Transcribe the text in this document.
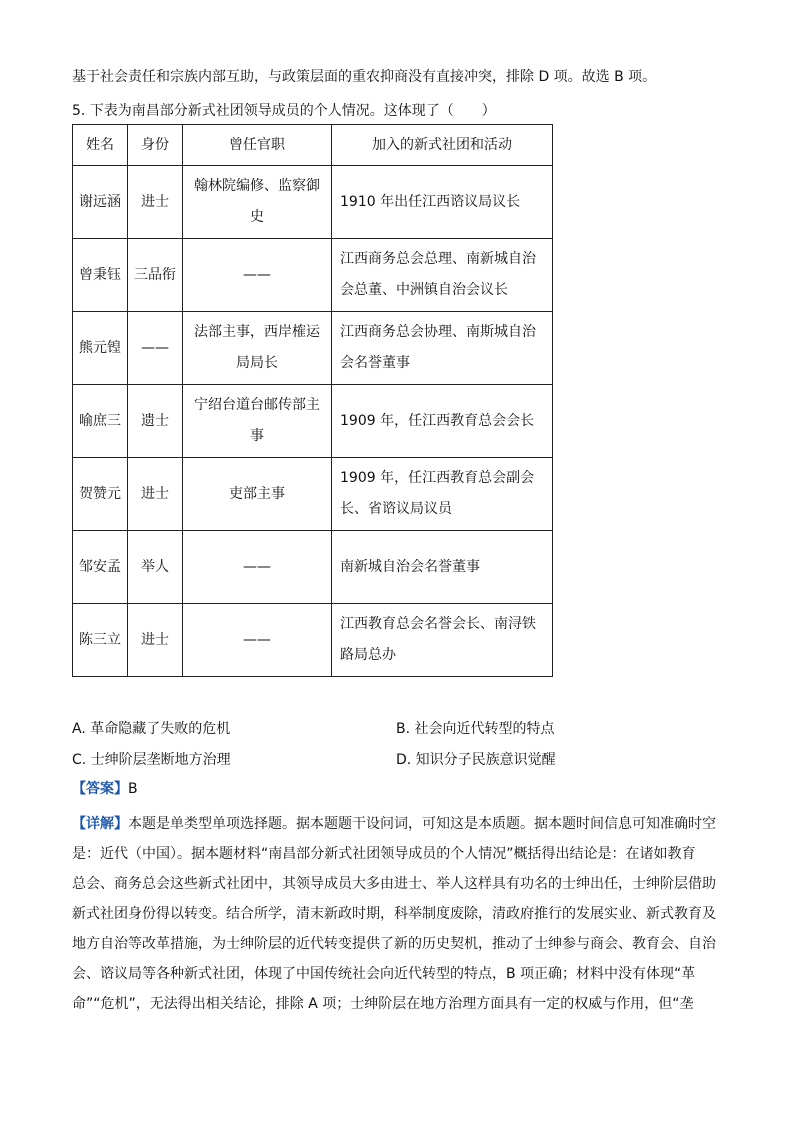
基于社会责任和宗族内部互助，与政策层面的重农抑商没有直接冲突，排除 D 项。故选 B 项。
5. 下表为南昌部分新式社团领导成员的个人情况。这体现了（　　）
姓名	身份	曾任官职	加入的新式社团和活动
谢远涵	进士	翰林院编修、监察御史	1910 年出任江西谘议局议长
曾秉钰	三品衔	——	江西商务总会总理、南新城自治会总董、中洲镇自治会议长
熊元锽	——	法部主事，西岸榷运局局长	江西商务总会协理、南斯城自治会名誉董事
喻庶三	遗士	宁绍台道台邮传部主事	1909 年，任江西教育总会会长
贺赞元	进士	吏部主事	1909 年，任江西教育总会副会长、省谘议局议员
邹安孟	举人	——	南新城自治会名誉董事
陈三立	进士	——	江西教育总会名誉会长、南浔铁路局总办
A. 革命隐藏了失败的危机	B. 社会向近代转型的特点
C. 士绅阶层垄断地方治理	D. 知识分子民族意识觉醒
【答案】B
【详解】本题是单类型单项选择题。据本题题干设问词，可知这是本质题。据本题时间信息可知准确时空
是：近代（中国）。据本题材料“南昌部分新式社团领导成员的个人情况”概括得出结论是：在诸如教育
总会、商务总会这些新式社团中，其领导成员大多由进士、举人这样具有功名的士绅出任，士绅阶层借助
新式社团身份得以转变。结合所学，清末新政时期，科举制度废除，清政府推行的发展实业、新式教育及
地方自治等改革措施，为士绅阶层的近代转变提供了新的历史契机，推动了士绅参与商会、教育会、自治
会、谘议局等各种新式社团，体现了中国传统社会向近代转型的特点，B 项正确；材料中没有体现“革
命”“危机”，无法得出相关结论，排除 A 项；士绅阶层在地方治理方面具有一定的权威与作用，但“垄
